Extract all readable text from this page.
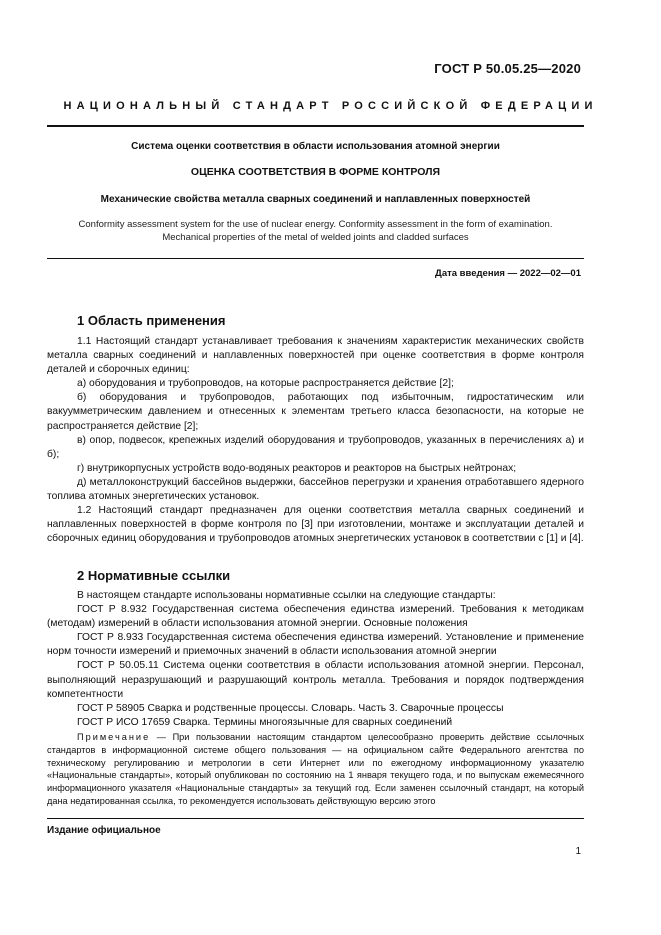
ГОСТ Р 50.05.25—2020
НАЦИОНАЛЬНЫЙ СТАНДАРТ РОССИЙСКОЙ ФЕДЕРАЦИИ
Система оценки соответствия в области использования атомной энергии
ОЦЕНКА СООТВЕТСТВИЯ В ФОРМЕ КОНТРОЛЯ
Механические свойства металла сварных соединений и наплавленных поверхностей
Conformity assessment system for the use of nuclear energy. Conformity assessment in the form of examination.
Mechanical properties of the metal of welded joints and cladded surfaces
Дата введения — 2022—02—01
1 Область применения

1.1 Настоящий стандарт устанавливает требования к значениям характеристик механических свойств металла сварных соединений и наплавленных поверхностей при оценке соответствия в форме контроля деталей и сборочных единиц:

а) оборудования и трубопроводов, на которые распространяется действие [2];

б) оборудования и трубопроводов, работающих под избыточным, гидростатическим или вакуумметрическим давлением и отнесенных к элементам третьего класса безопасности, на которые не распространяется действие [2];

в) опор, подвесок, крепежных изделий оборудования и трубопроводов, указанных в перечислениях а) и б);

г) внутрикорпусных устройств водо-водяных реакторов и реакторов на быстрых нейтронах;

д) металлоконструкций бассейнов выдержки, бассейнов перегрузки и хранения отработавшего ядерного топлива атомных энергетических установок.

1.2 Настоящий стандарт предназначен для оценки соответствия металла сварных соединений и наплавленных поверхностей в форме контроля по [3] при изготовлении, монтаже и эксплуатации деталей и сборочных единиц оборудования и трубопроводов атомных энергетических установок в соответствии с [1] и [4].

2 Нормативные ссылки

В настоящем стандарте использованы нормативные ссылки на следующие стандарты:

ГОСТ Р 8.932 Государственная система обеспечения единства измерений. Требования к методикам (методам) измерений в области использования атомной энергии. Основные положения

ГОСТ Р 8.933 Государственная система обеспечения единства измерений. Установление и применение норм точности измерений и приемочных значений в области использования атомной энергии

ГОСТ Р 50.05.11 Система оценки соответствия в области использования атомной энергии. Персонал, выполняющий неразрушающий и разрушающий контроль металла. Требования и порядок подтверждения компетентности

ГОСТ Р 58905 Сварка и родственные процессы. Словарь. Часть 3. Сварочные процессы

ГОСТ Р ИСО 17659 Сварка. Термины многоязычные для сварных соединений

Примечание — При пользовании настоящим стандартом целесообразно проверить действие ссылочных стандартов в информационной системе общего пользования — на официальном сайте Федерального агентства по техническому регулированию и метрологии в сети Интернет или по ежегодному информационному указателю «Национальные стандарты», который опубликован по состоянию на 1 января текущего года, и по выпускам ежемесячного информационного указателя «Национальные стандарты» за текущий год. Если заменен ссылочный стандарт, на который дана недатированная ссылка, то рекомендуется использовать действующую версию этого
Издание официальное
1
